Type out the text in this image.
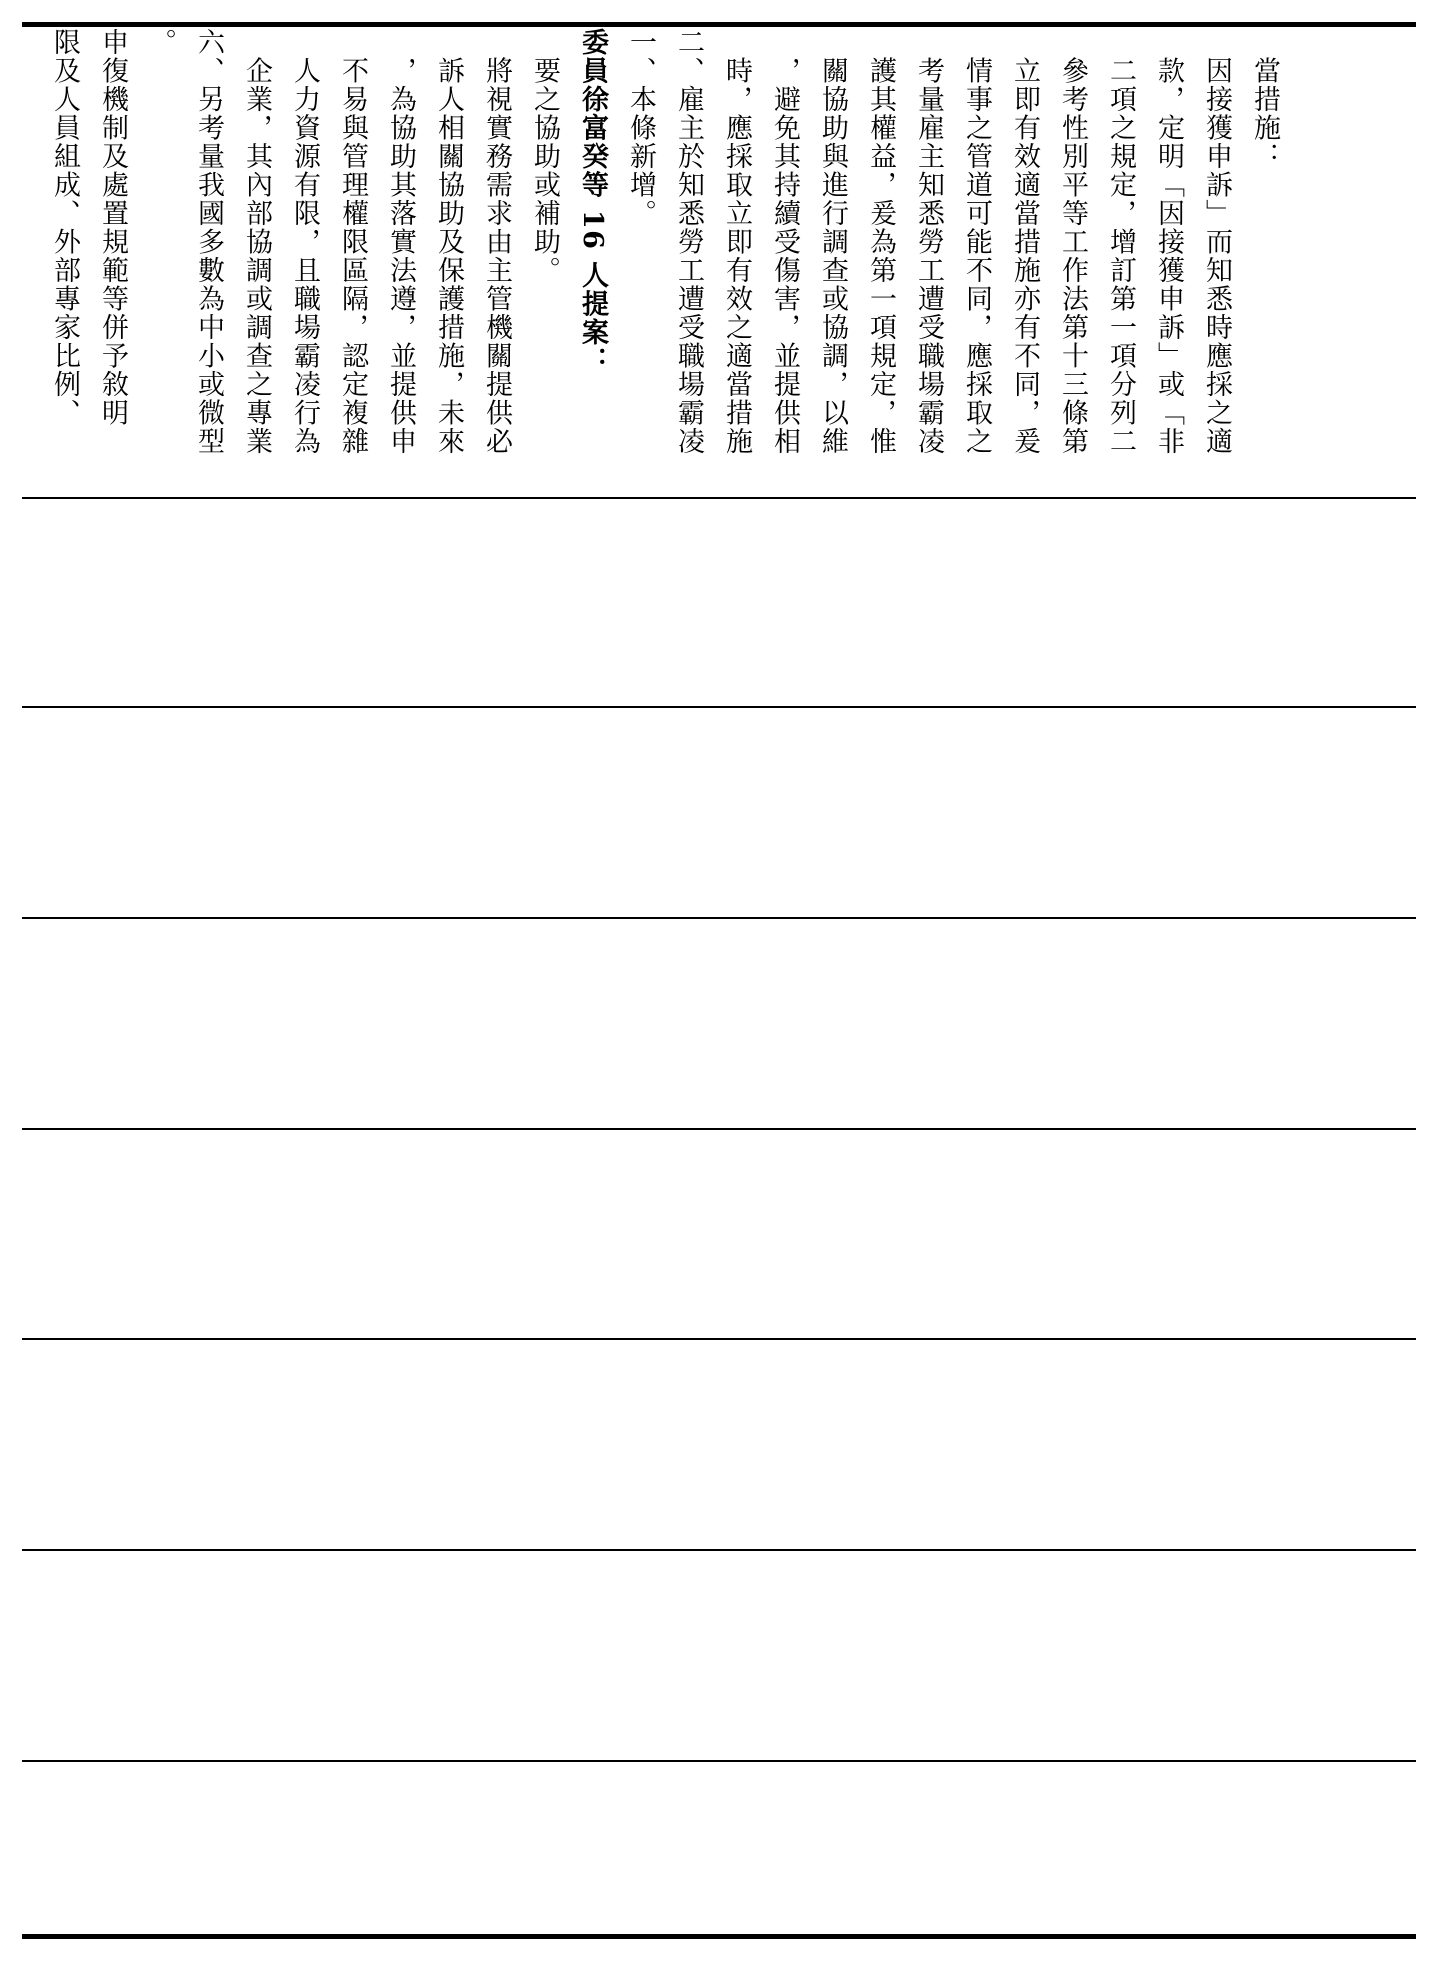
限及人員組成、外部專家比例、 申復機制及處置規範等併予敘明 。 六、另考量我國多數為中小或微型 　企業，其內部協調或調查之專業 　人力資源有限，且職場霸凌行為 　不易與管理權限區隔，認定複雜 　，為協助其落實法遵，並提供申 　訴人相關協助及保護措施，未來 　將視實務需求由主管機關提供必 　要之協助或補助。 委員徐富癸等 16 人提案： 一、本條新增。 二、雇主於知悉勞工遭受職場霸凌 　時，應採取立即有效之適當措施 　，避免其持續受傷害，並提供相 　關協助與進行調查或協調，以維 　護其權益，爰為第一項規定，惟 　考量雇主知悉勞工遭受職場霸凌 　情事之管道可能不同，應採取之 　立即有效適當措施亦有不同，爰 　參考性別平等工作法第十三條第 　二項之規定，增訂第一項分列二 　款，定明「因接獲申訴」或「非 　因接獲申訴」而知悉時應採之適 　當措施：
